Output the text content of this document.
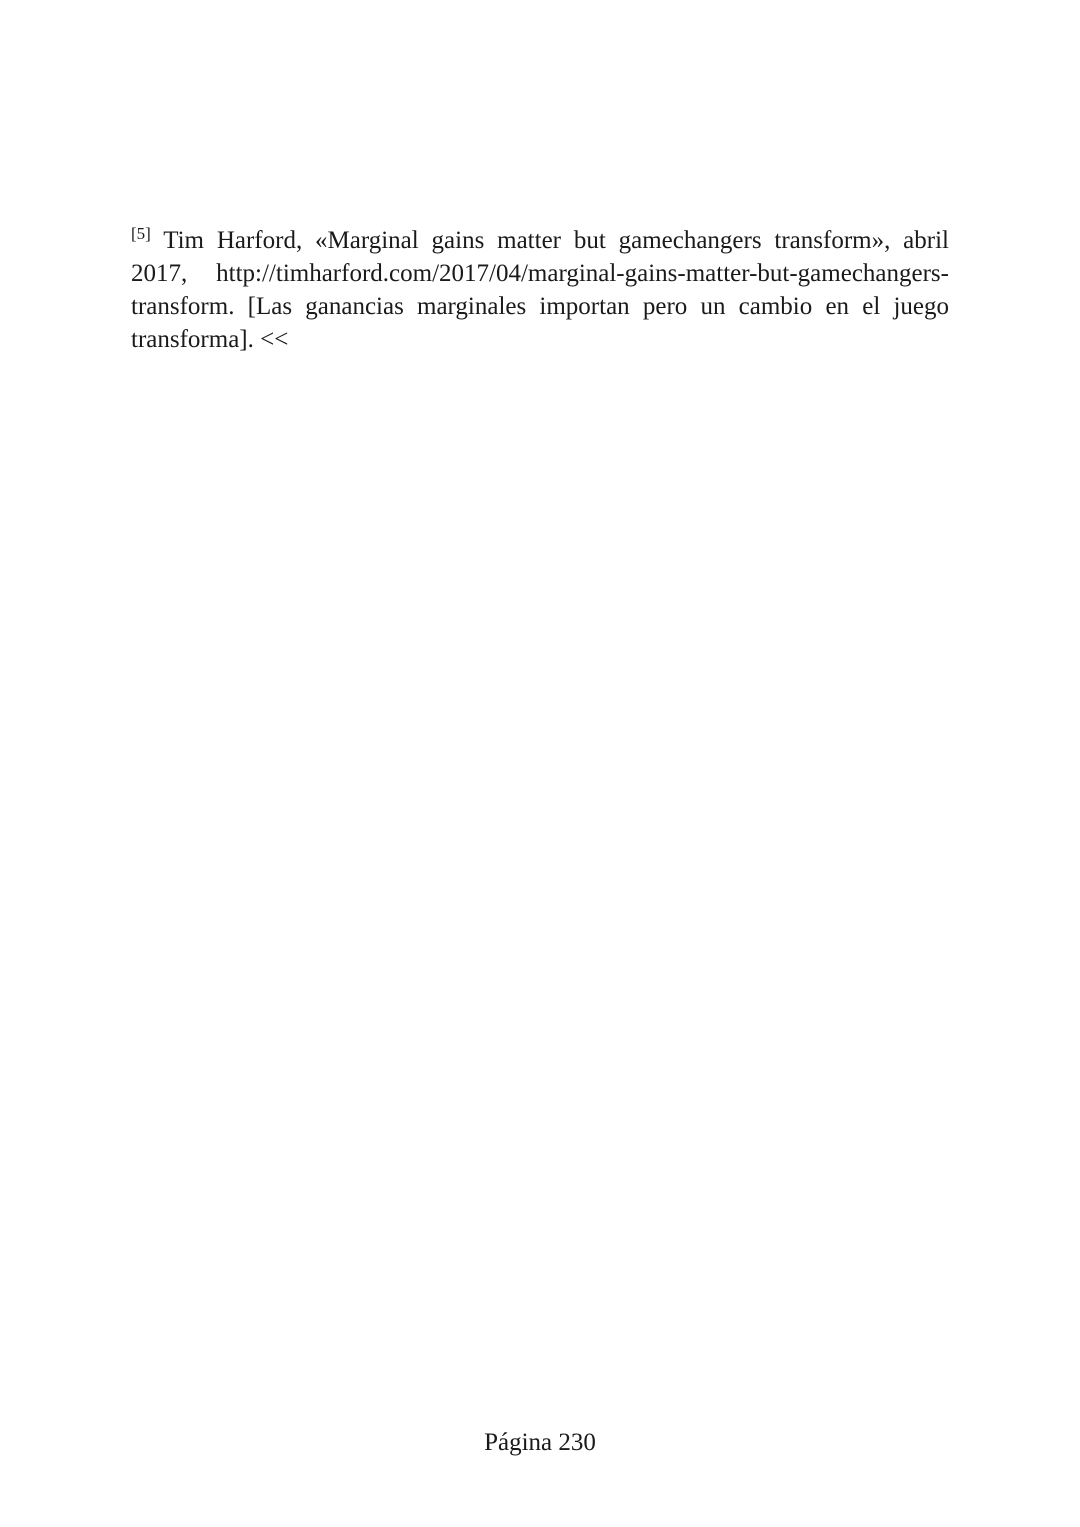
[5] Tim Harford, «Marginal gains matter but gamechangers transform», abril 2017, http://timharford.com/2017/04/marginal-gains-matter-but-gamechangers-transform. [Las ganancias marginales importan pero un cambio en el juego transforma]. <<

Página 230
